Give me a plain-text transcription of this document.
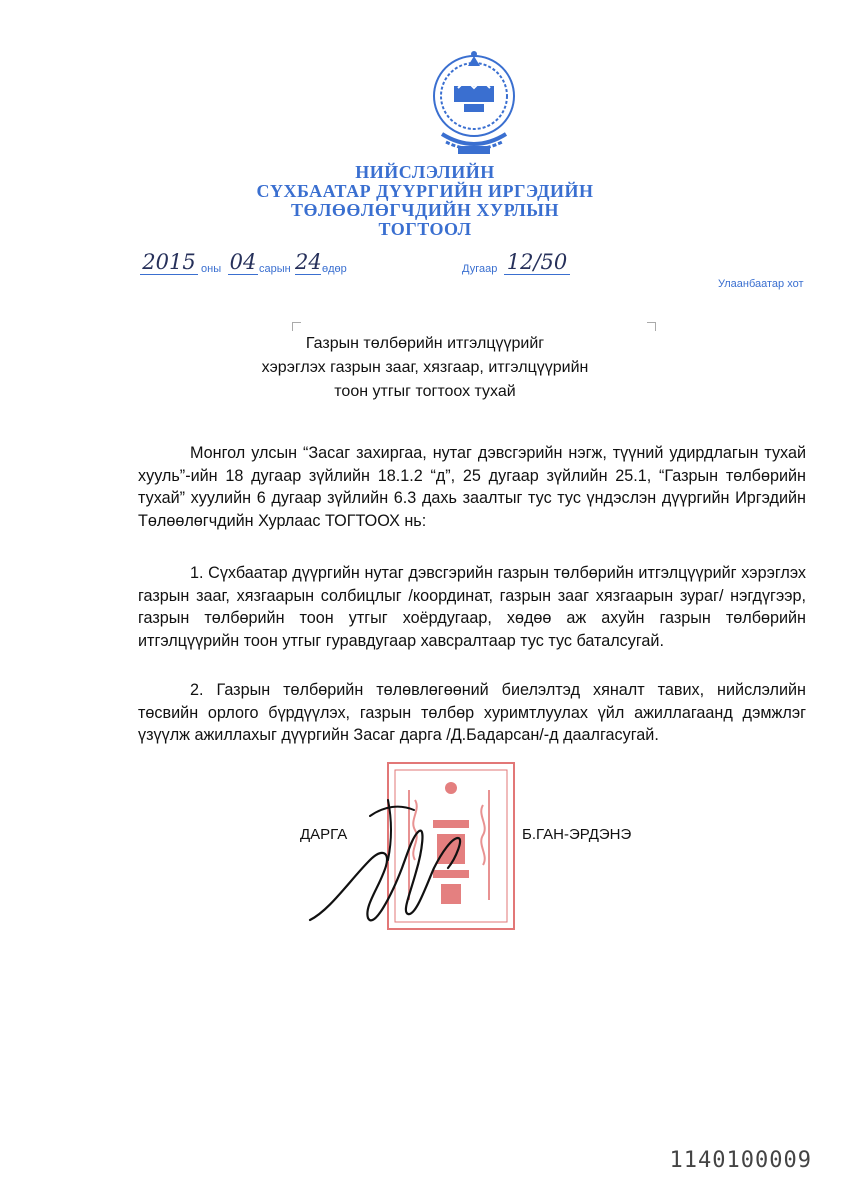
НИЙСЛЭЛИЙН
СҮХБААТАР ДҮҮРГИЙН ИРГЭДИЙН
ТӨЛӨӨЛӨГЧДИЙН ХУРЛЫН
ТОГТООЛ
2015 оны 04 сарын 24 өдөр	Дугаар 12/50
Улаанбаатар хот
Газрын төлбөрийн итгэлцүүрийг
хэрэглэх газрын зааг, хязгаар, итгэлцүүрийн
тоон утгыг тогтоох тухай

Монгол улсын “Засаг захиргаа, нутаг дэвсгэрийн нэгж, түүний удирдлагын тухай хууль”-ийн 18 дугаар зүйлийн 18.1.2 “д”, 25 дугаар зүйлийн 25.1, “Газрын төлбөрийн тухай” хуулийн 6 дугаар зүйлийн 6.3 дахь заалтыг тус тус үндэслэн дүүргийн Иргэдийн Төлөөлөгчдийн Хурлаас ТОГТООХ нь:

1. Сүхбаатар дүүргийн нутаг дэвсгэрийн газрын төлбөрийн итгэлцүүрийг хэрэглэх газрын зааг, хязгаарын солбицлыг /координат, газрын зааг хязгаарын зураг/ нэгдүгээр, газрын төлбөрийн тоон утгыг хоёрдугаар, хөдөө аж ахуйн газрын төлбөрийн итгэлцүүрийн тоон утгыг гуравдугаар хавсралтаар тус тус баталсугай.

2. Газрын төлбөрийн төлөвлөгөөний биелэлтэд хяналт тавих, нийслэлийн төсвийн орлого бүрдүүлэх, газрын төлбөр хуримтлуулах үйл ажиллагаанд дэмжлэг үзүүлж ажиллахыг дүүргийн Засаг дарга /Д.Бадарсан/-д даалгасугай.

ДАРГА	Б.ГАН-ЭРДЭНЭ
1140100009
